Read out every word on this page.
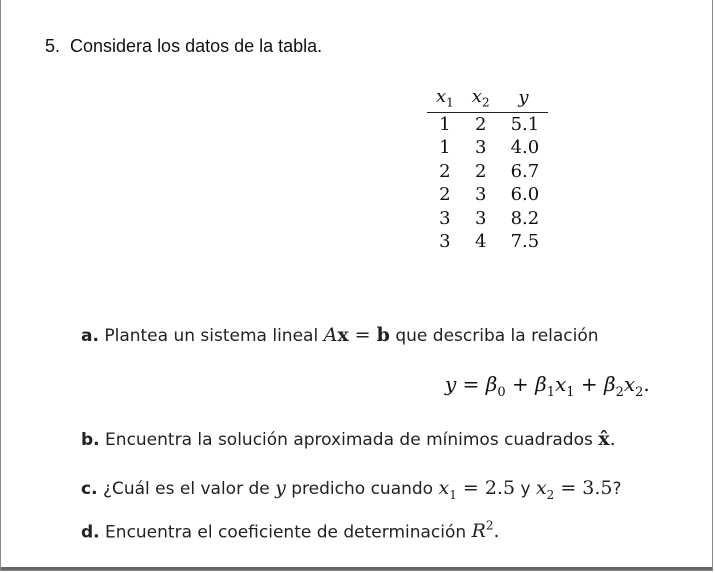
5. Considera los datos de la tabla.
$x_1$	$x_2$	y
1	2	5.1
1	3	4.0
2	2	6.7
2	3	6.0
3	3	8.2
3	4	7.5
a. Plantea un sistema lineal Ax = b que describa la relación
$y = \beta_0 + \beta_1x_1 + \beta_2x_2$.
b. Encuentra la solución aproximada de mínimos cuadrados x̂.
c. ¿Cuál es el valor de y predicho cuando $x_1 = 2.5$ y $x_2 = 3.5$?
d. Encuentra el coeficiente de determinación $R^2$.
